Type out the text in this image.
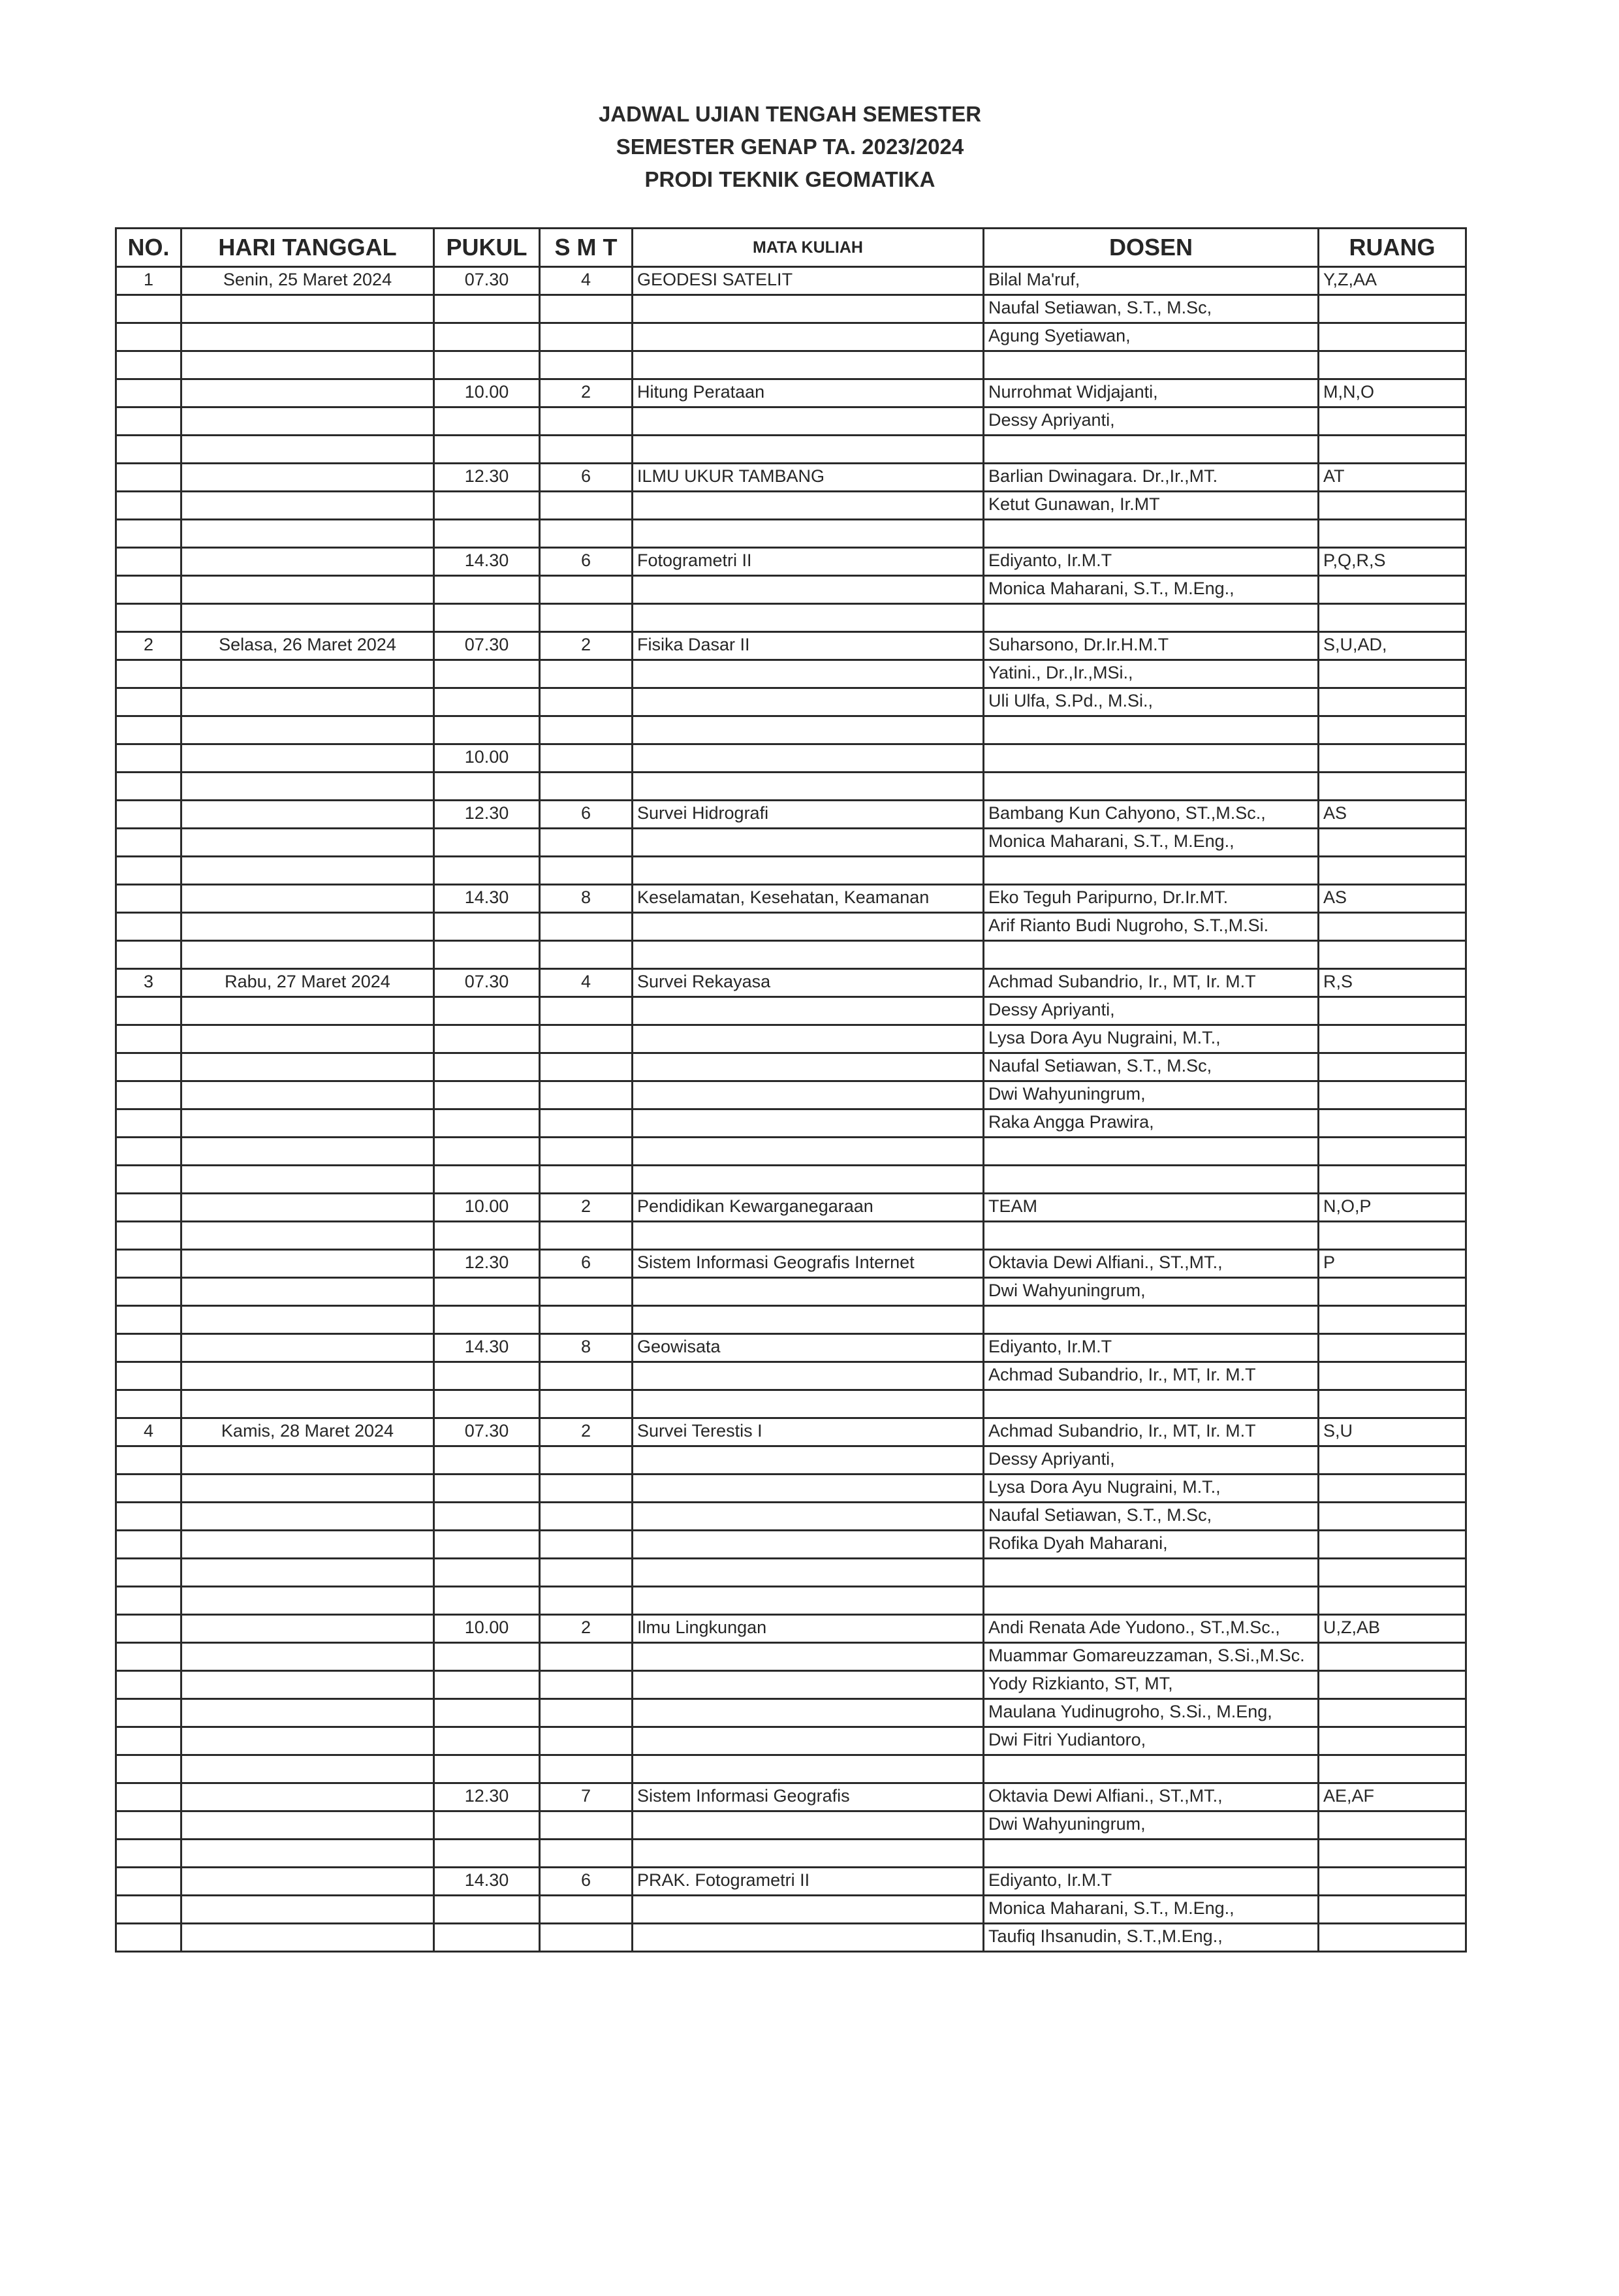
JADWAL UJIAN TENGAH SEMESTER
SEMESTER GENAP TA. 2023/2024
PRODI TEKNIK GEOMATIKA
NO.	HARI TANGGAL	PUKUL	S M T	MATA KULIAH	DOSEN	RUANG
1	Senin, 25 Maret 2024	07.30	4	GEODESI SATELIT	Bilal Ma'ruf,	Y,Z,AA
					Naufal Setiawan, S.T., M.Sc,	
					Agung Syetiawan,	

		10.00	2	Hitung Perataan	Nurrohmat Widjajanti,	M,N,O
					Dessy Apriyanti,	

		12.30	6	ILMU UKUR TAMBANG	Barlian Dwinagara. Dr.,Ir.,MT.	AT
					Ketut Gunawan, Ir.MT	

		14.30	6	Fotogrametri II	Ediyanto, Ir.M.T	P,Q,R,S
					Monica Maharani, S.T., M.Eng.,	

2	Selasa, 26 Maret 2024	07.30	2	Fisika Dasar II	Suharsono, Dr.Ir.H.M.T	S,U,AD,
					Yatini., Dr.,Ir.,MSi.,	
					Uli Ulfa, S.Pd., M.Si.,	

		10.00				

		12.30	6	Survei Hidrografi	Bambang Kun Cahyono, ST.,M.Sc.,	AS
					Monica Maharani, S.T., M.Eng.,	

		14.30	8	Keselamatan, Kesehatan, Keamanan	Eko Teguh Paripurno, Dr.Ir.MT.	AS
					Arif Rianto Budi Nugroho, S.T.,M.Si.	

3	Rabu, 27 Maret 2024	07.30	4	Survei Rekayasa	Achmad Subandrio, Ir., MT, Ir. M.T	R,S
					Dessy Apriyanti,	
					Lysa Dora Ayu Nugraini, M.T.,	
					Naufal Setiawan, S.T., M.Sc,	
					Dwi Wahyuningrum,	
					Raka Angga Prawira,	

		10.00	2	Pendidikan Kewarganegaraan	TEAM	N,O,P

		12.30	6	Sistem Informasi Geografis Internet	Oktavia Dewi Alfiani., ST.,MT.,	P
					Dwi Wahyuningrum,	

		14.30	8	Geowisata	Ediyanto, Ir.M.T	
					Achmad Subandrio, Ir., MT, Ir. M.T	

4	Kamis, 28 Maret 2024	07.30	2	Survei Terestis I	Achmad Subandrio, Ir., MT, Ir. M.T	S,U
					Dessy Apriyanti,	
					Lysa Dora Ayu Nugraini, M.T.,	
					Naufal Setiawan, S.T., M.Sc,	
					Rofika Dyah Maharani,	

		10.00	2	Ilmu Lingkungan	Andi Renata Ade Yudono., ST.,M.Sc.,	U,Z,AB
					Muammar Gomareuzzaman, S.Si.,M.Sc.	
					Yody Rizkianto, ST, MT,	
					Maulana Yudinugroho, S.Si., M.Eng,	
					Dwi Fitri Yudiantoro,	

		12.30	7	Sistem Informasi Geografis	Oktavia Dewi Alfiani., ST.,MT.,	AE,AF
					Dwi Wahyuningrum,	

		14.30	6	PRAK. Fotogrametri II	Ediyanto, Ir.M.T	
					Monica Maharani, S.T., M.Eng.,	
					Taufiq Ihsanudin, S.T.,M.Eng.,	
